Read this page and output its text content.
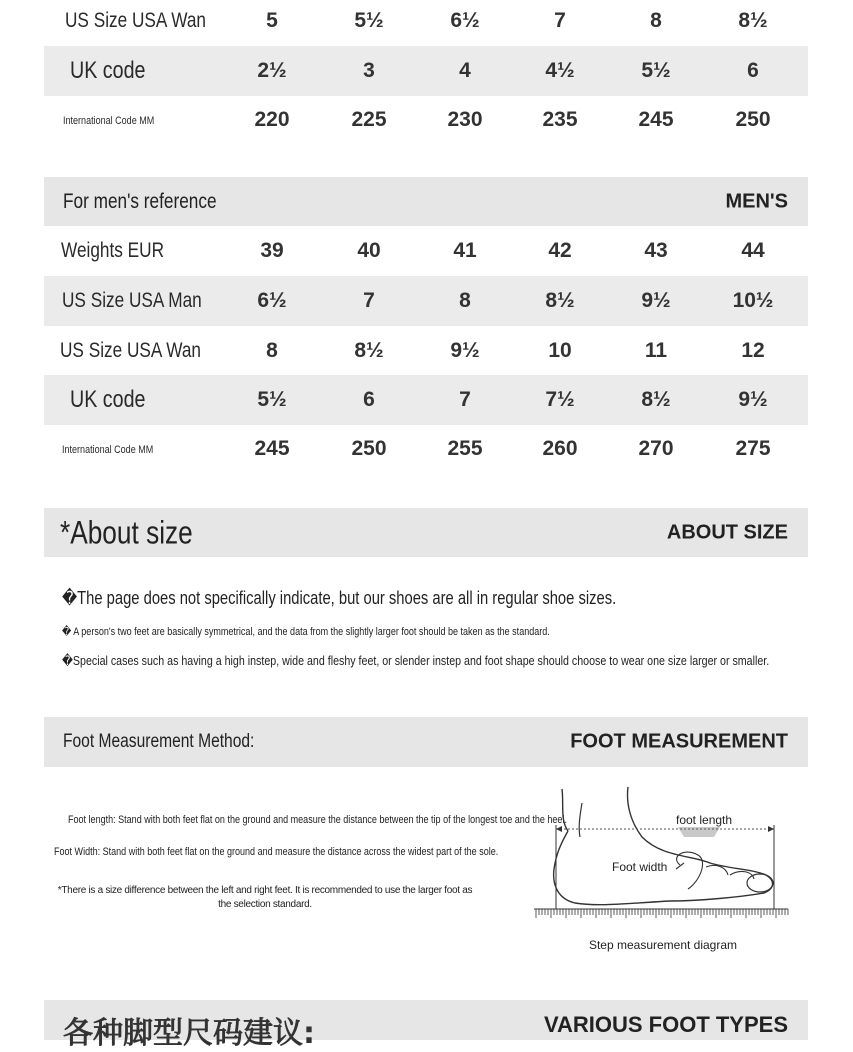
US Size USA Wan	5	5½	6½	7	8	8½
UK code	2½	3	4	4½	5½	6
International Code MM	220	225	230	235	245	250
For men's reference	MEN'S
Weights EUR	39	40	41	42	43	44
US Size USA Man	6½	7	8	8½	9½	10½
US Size USA Wan	8	8½	9½	10	11	12
UK code	5½	6	7	7½	8½	9½
International Code MM	245	250	255	260	270	275
*About size	ABOUT SIZE
�The page does not specifically indicate, but our shoes are all in regular shoe sizes.
� A person's two feet are basically symmetrical, and the data from the slightly larger foot should be taken as the standard.
�Special cases such as having a high instep, wide and fleshy feet, or slender instep and foot shape should choose to wear one size larger or smaller.
Foot Measurement Method:	FOOT MEASUREMENT
Foot length: Stand with both feet flat on the ground and measure the distance between the tip of the longest toe and the heel.
Foot Width: Stand with both feet flat on the ground and measure the distance across the widest part of the sole.
*There is a size difference between the left and right feet. It is recommended to use the larger foot as the selection standard.
foot length
Foot width
Step measurement diagram
各种脚型尺码建议:	VARIOUS FOOT TYPES
